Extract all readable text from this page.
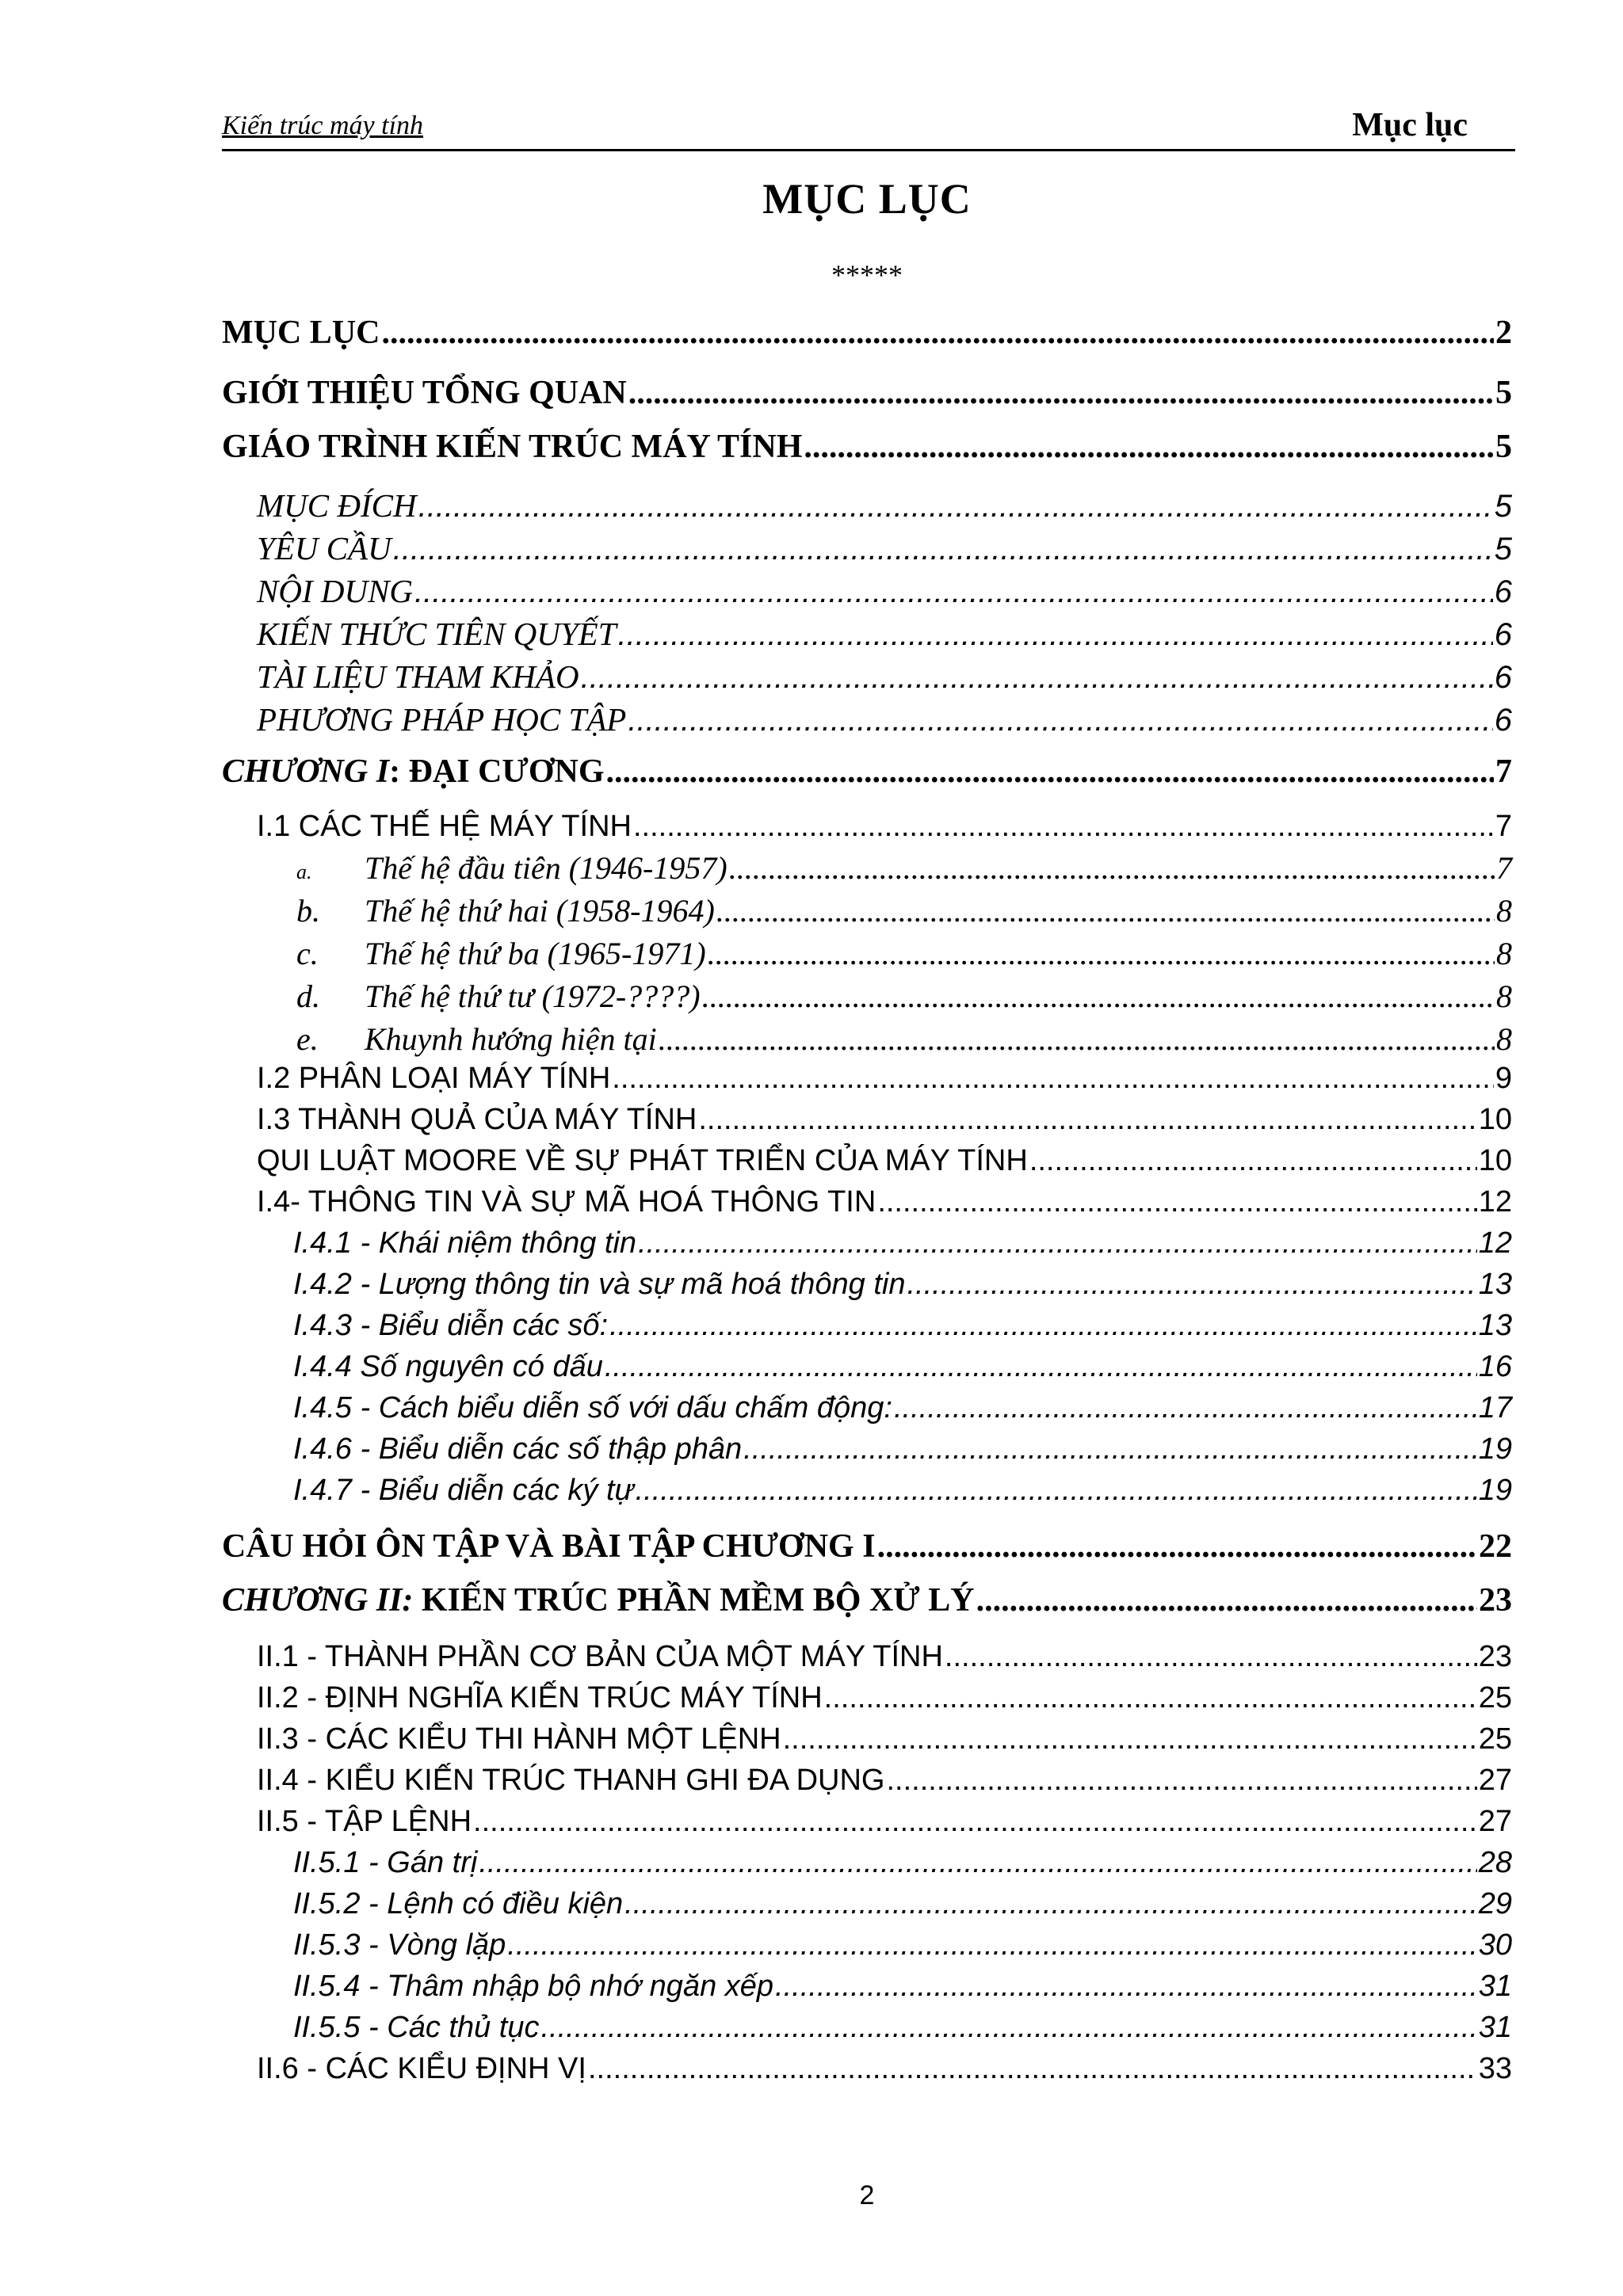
Kiến trúc máy tính	Mục lục
MỤC LỤC
*****
MỤC LỤC .....	2
GIỚI THIỆU TỔNG QUAN .....	5
GIÁO TRÌNH KIẾN TRÚC MÁY TÍNH .....	5
MỤC ĐÍCH .....	5
YÊU CẦU .....	5
NỘI DUNG .....	6
KIẾN THỨC TIÊN QUYẾT .....	6
TÀI LIỆU THAM KHẢO .....	6
PHƯƠNG PHÁP HỌC TẬP .....	6
CHƯƠNG I: ĐẠI CƯƠNG .....	7
I.1 CÁC THẾ HỆ MÁY TÍNH .....	7
a. Thế hệ đầu tiên (1946-1957) .....	7
b. Thế hệ thứ hai (1958-1964) .....	8
c. Thế hệ thứ ba (1965-1971) .....	8
d. Thế hệ thứ tư (1972-????) .....	8
e. Khuynh hướng hiện tại .....	8
I.2 PHÂN LOẠI MÁY TÍNH .....	9
I.3 THÀNH QUẢ CỦA MÁY TÍNH .....	10
QUI LUẬT MOORE VỀ SỰ PHÁT TRIỂN CỦA MÁY TÍNH .....	10
I.4- THÔNG TIN VÀ SỰ MÃ HOÁ THÔNG TIN .....	12
I.4.1 - Khái niệm thông tin .....	12
I.4.2 - Lượng thông tin và sự mã hoá thông tin .....	13
I.4.3 - Biểu diễn các số: .....	13
I.4.4 Số nguyên có dấu .....	16
I.4.5 - Cách biểu diễn số với dấu chấm động: .....	17
I.4.6 - Biểu diễn các số thập phân .....	19
I.4.7 - Biểu diễn các ký tự .....	19
CÂU HỎI ÔN TẬP VÀ BÀI TẬP CHƯƠNG I .....	22
CHƯƠNG II: KIẾN TRÚC PHẦN MỀM BỘ XỬ LÝ .....	23
II.1 - THÀNH PHẦN CƠ BẢN CỦA MỘT MÁY TÍNH .....	23
II.2 - ĐỊNH NGHĨA KIẾN TRÚC MÁY TÍNH .....	25
II.3 - CÁC KIỂU THI HÀNH MỘT LỆNH .....	25
II.4 - KIỂU KIẾN TRÚC THANH GHI ĐA DỤNG .....	27
II.5 - TẬP LỆNH .....	27
II.5.1 - Gán trị .....	28
II.5.2 - Lệnh có điều kiện .....	29
II.5.3 - Vòng lặp .....	30
II.5.4 - Thâm nhập bộ nhớ ngăn xếp .....	31
II.5.5 - Các thủ tục .....	31
II.6 - CÁC KIỂU ĐỊNH VỊ .....	33
2
